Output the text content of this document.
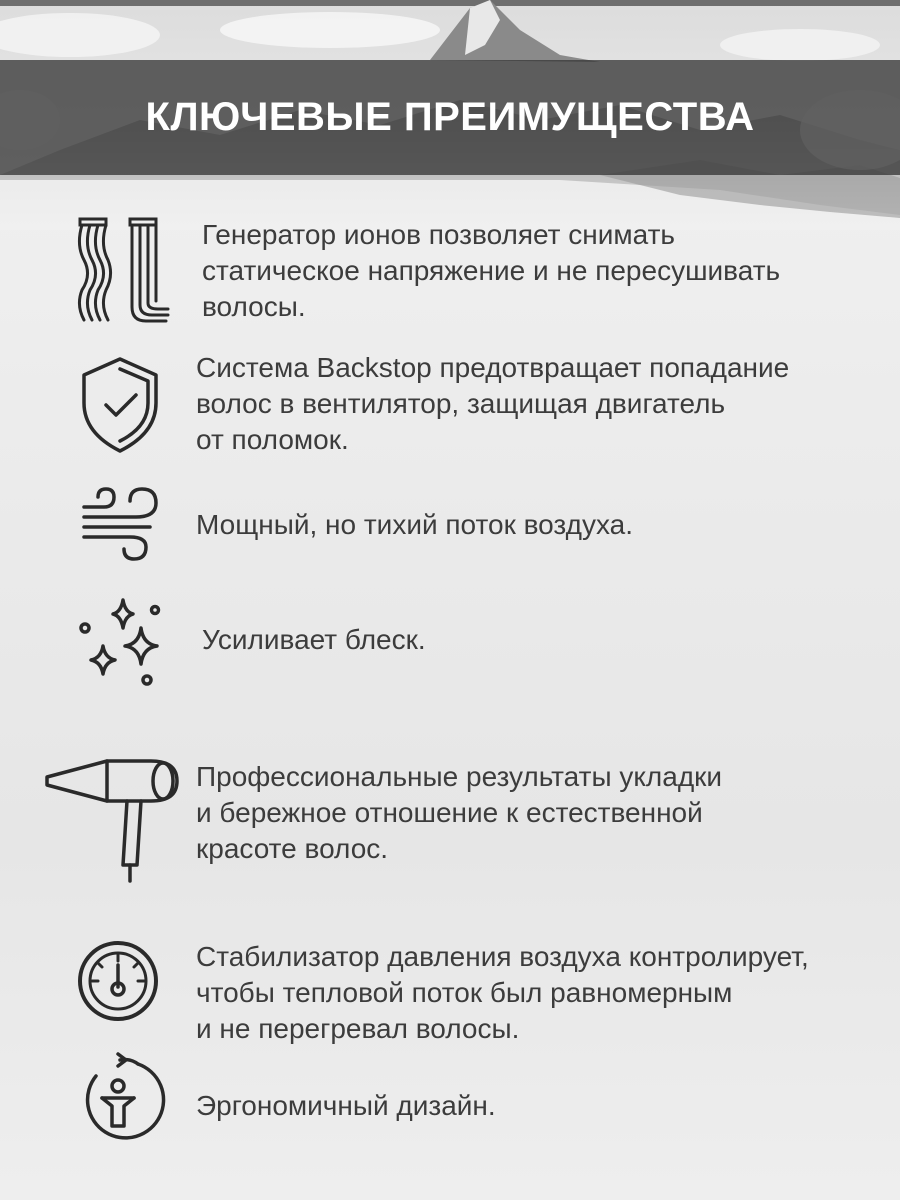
КЛЮЧЕВЫЕ ПРЕИМУЩЕСТВА
Генератор ионов позволяет снимать
статическое напряжение и не пересушивать
волосы.
Система Backstop предотвращает попадание
волос в вентилятор, защищая двигатель
от поломок.
Мощный, но тихий поток воздуха.
Усиливает блеск.
Профессиональные результаты укладки
и бережное отношение к естественной
красоте волос.
Стабилизатор давления воздуха контролирует,
чтобы тепловой поток был равномерным
и не перегревал волосы.
Эргономичный дизайн.
